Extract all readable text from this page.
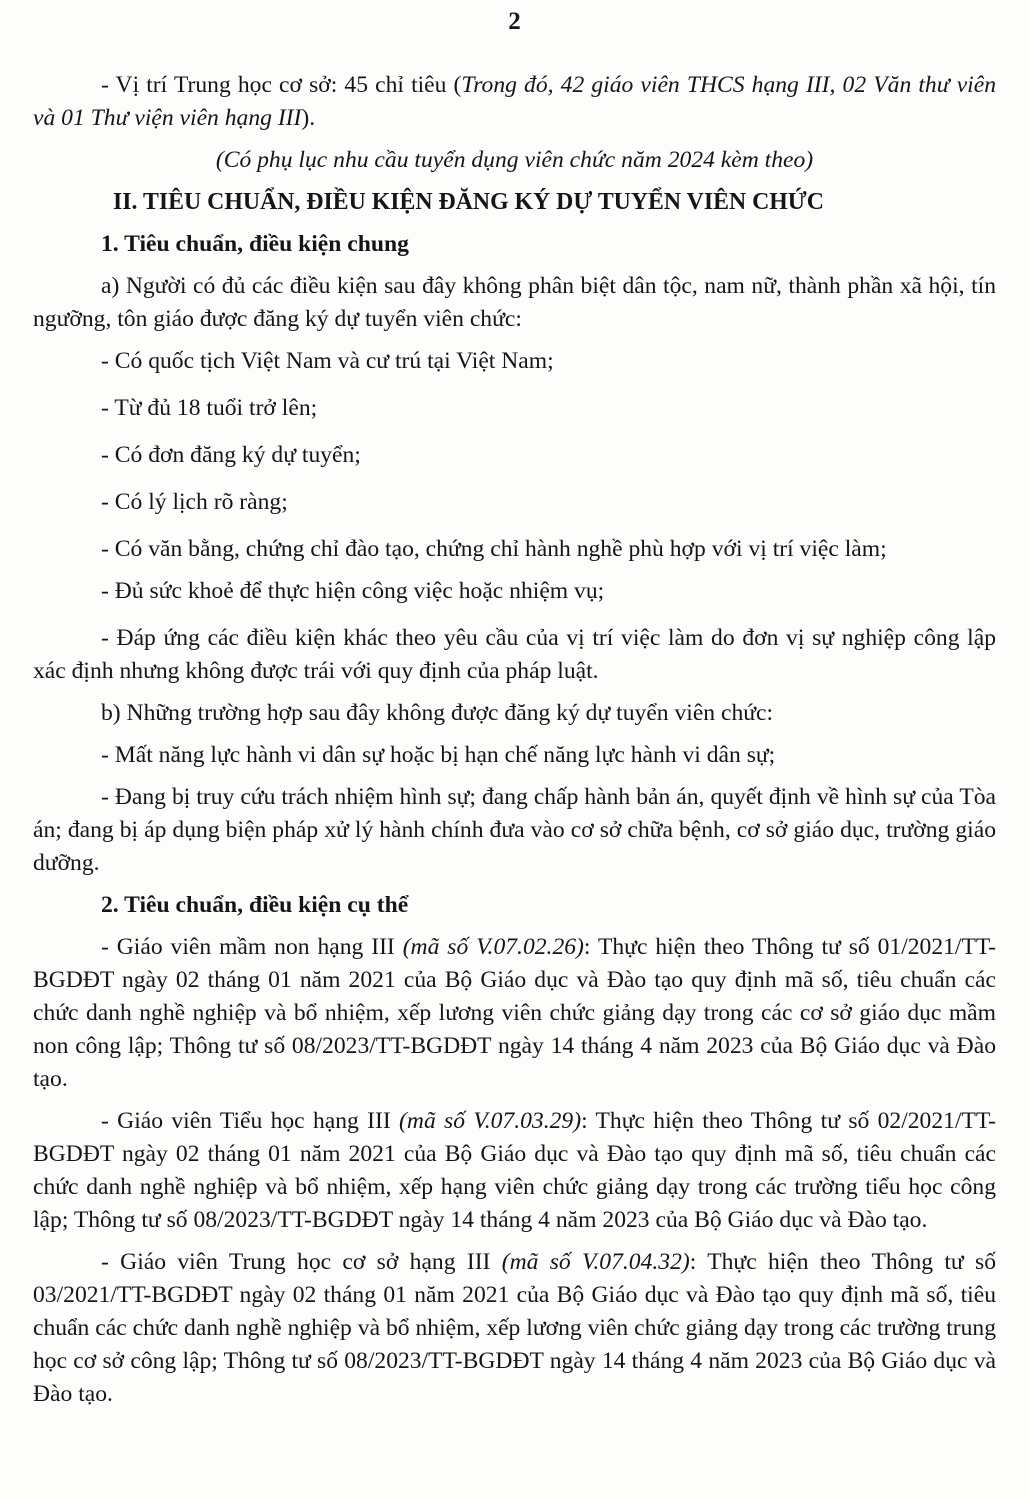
2

- Vị trí Trung học cơ sở: 45 chỉ tiêu (Trong đó, 42 giáo viên THCS hạng III, 02 Văn thư viên và 01 Thư viện viên hạng III).

(Có phụ lục nhu cầu tuyển dụng viên chức năm 2024 kèm theo)

II. TIÊU CHUẨN, ĐIỀU KIỆN ĐĂNG KÝ DỰ TUYỂN VIÊN CHỨC

1. Tiêu chuẩn, điều kiện chung

a) Người có đủ các điều kiện sau đây không phân biệt dân tộc, nam nữ, thành phần xã hội, tín ngưỡng, tôn giáo được đăng ký dự tuyển viên chức:

- Có quốc tịch Việt Nam và cư trú tại Việt Nam;

- Từ đủ 18 tuổi trở lên;

- Có đơn đăng ký dự tuyển;

- Có lý lịch rõ ràng;

- Có văn bằng, chứng chỉ đào tạo, chứng chỉ hành nghề phù hợp với vị trí việc làm;

- Đủ sức khoẻ để thực hiện công việc hoặc nhiệm vụ;

- Đáp ứng các điều kiện khác theo yêu cầu của vị trí việc làm do đơn vị sự nghiệp công lập xác định nhưng không được trái với quy định của pháp luật.

b) Những trường hợp sau đây không được đăng ký dự tuyển viên chức:

- Mất năng lực hành vi dân sự hoặc bị hạn chế năng lực hành vi dân sự;

- Đang bị truy cứu trách nhiệm hình sự; đang chấp hành bản án, quyết định về hình sự của Tòa án; đang bị áp dụng biện pháp xử lý hành chính đưa vào cơ sở chữa bệnh, cơ sở giáo dục, trường giáo dưỡng.

2. Tiêu chuẩn, điều kiện cụ thể

- Giáo viên mầm non hạng III (mã số V.07.02.26): Thực hiện theo Thông tư số 01/2021/TT-BGDĐT ngày 02 tháng 01 năm 2021 của Bộ Giáo dục và Đào tạo quy định mã số, tiêu chuẩn các chức danh nghề nghiệp và bổ nhiệm, xếp lương viên chức giảng dạy trong các cơ sở giáo dục mầm non công lập; Thông tư số 08/2023/TT-BGDĐT ngày 14 tháng 4 năm 2023 của Bộ Giáo dục và Đào tạo.

- Giáo viên Tiểu học hạng III (mã số V.07.03.29): Thực hiện theo Thông tư số 02/2021/TT-BGDĐT ngày 02 tháng 01 năm 2021 của Bộ Giáo dục và Đào tạo quy định mã số, tiêu chuẩn các chức danh nghề nghiệp và bổ nhiệm, xếp hạng viên chức giảng dạy trong các trường tiểu học công lập; Thông tư số 08/2023/TT-BGDĐT ngày 14 tháng 4 năm 2023 của Bộ Giáo dục và Đào tạo.

- Giáo viên Trung học cơ sở hạng III (mã số V.07.04.32): Thực hiện theo Thông tư số 03/2021/TT-BGDĐT ngày 02 tháng 01 năm 2021 của Bộ Giáo dục và Đào tạo quy định mã số, tiêu chuẩn các chức danh nghề nghiệp và bổ nhiệm, xếp lương viên chức giảng dạy trong các trường trung học cơ sở công lập; Thông tư số 08/2023/TT-BGDĐT ngày 14 tháng 4 năm 2023 của Bộ Giáo dục và Đào tạo.
